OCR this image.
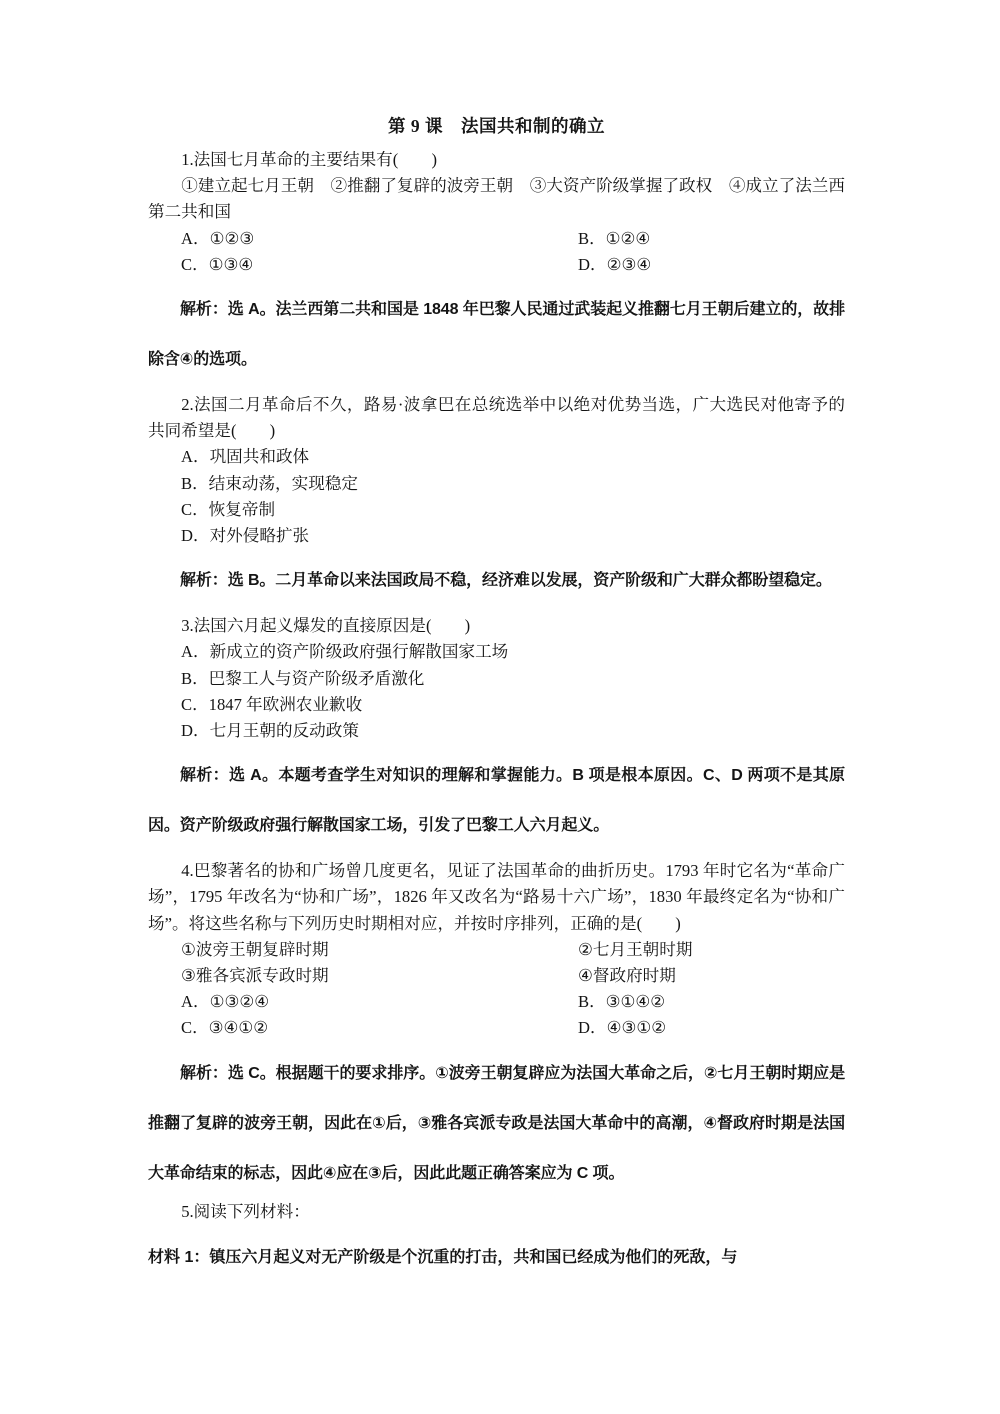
第 9 课　法国共和制的确立

1.法国七月革命的主要结果有(　　)

①建立起七月王朝　②推翻了复辟的波旁王朝　③大资产阶级掌握了政权　④成立了法兰西第二共和国

A．①②③	B．①②④
C．①③④	D．②③④

解析：选 A。法兰西第二共和国是 1848 年巴黎人民通过武装起义推翻七月王朝后建立的，故排除含④的选项。

2.法国二月革命后不久，路易·波拿巴在总统选举中以绝对优势当选，广大选民对他寄予的共同希望是(　　)

A．巩固共和政体
B．结束动荡，实现稳定
C．恢复帝制
D．对外侵略扩张

解析：选 B。二月革命以来法国政局不稳，经济难以发展，资产阶级和广大群众都盼望稳定。

3.法国六月起义爆发的直接原因是(　　)

A．新成立的资产阶级政府强行解散国家工场
B．巴黎工人与资产阶级矛盾激化
C．1847 年欧洲农业歉收
D．七月王朝的反动政策

解析：选 A。本题考查学生对知识的理解和掌握能力。B 项是根本原因。C、D 两项不是其原因。资产阶级政府强行解散国家工场，引发了巴黎工人六月起义。

4.巴黎著名的协和广场曾几度更名，见证了法国革命的曲折历史。1793 年时它名为“革命广场”，1795 年改名为“协和广场”，1826 年又改名为“路易十六广场”，1830 年最终定名为“协和广场”。将这些名称与下列历史时期相对应，并按时序排列，正确的是(　　)

①波旁王朝复辟时期	②七月王朝时期
③雅各宾派专政时期	④督政府时期
A．①③②④	B．③①④②
C．③④①②	D．④③①②

解析：选 C。根据题干的要求排序。①波旁王朝复辟应为法国大革命之后，②七月王朝时期应是推翻了复辟的波旁王朝，因此在①后，③雅各宾派专政是法国大革命中的高潮，④督政府时期是法国大革命结束的标志，因此④应在③后，因此此题正确答案应为 C 项。

5.阅读下列材料：

材料 1：镇压六月起义对无产阶级是个沉重的打击，共和国已经成为他们的死敌，与
